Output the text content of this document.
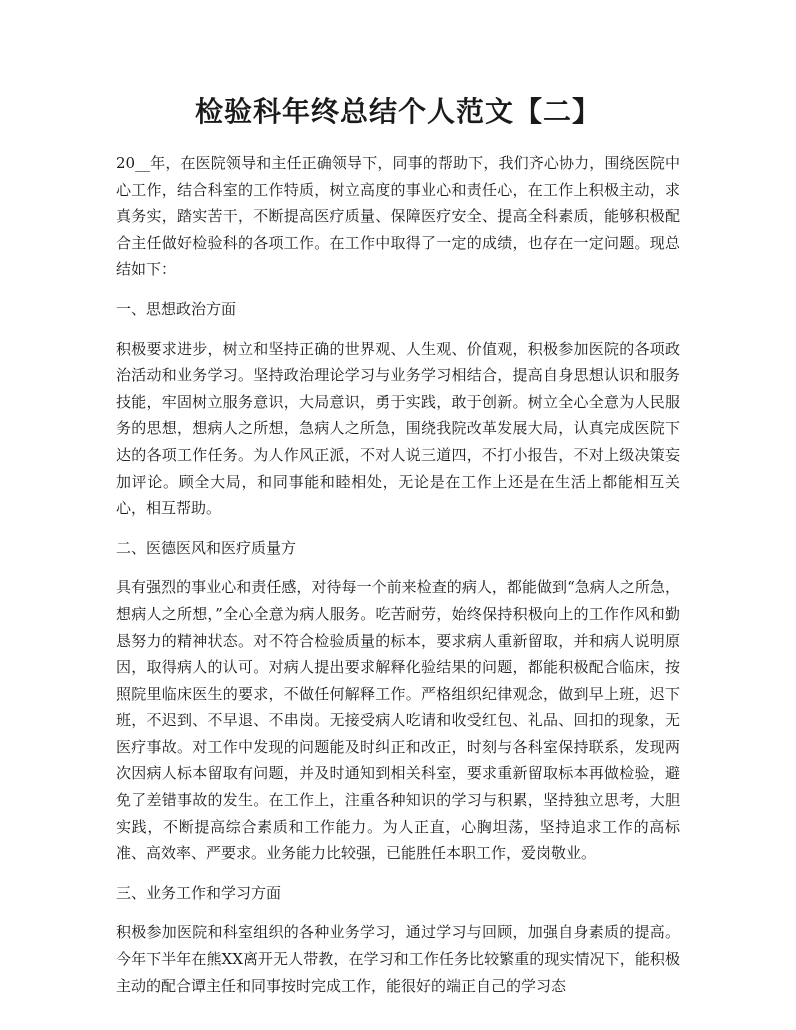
检验科年终总结个人范文【二】

20__年，在医院领导和主任正确领导下，同事的帮助下，我们齐心协力，围绕医院中心工作，结合科室的工作特质，树立高度的事业心和责任心，在工作上积极主动，求真务实，踏实苦干，不断提高医疗质量、保障医疗安全、提高全科素质，能够积极配合主任做好检验科的各项工作。在工作中取得了一定的成绩，也存在一定问题。现总结如下：

一、思想政治方面

积极要求进步，树立和坚持正确的世界观、人生观、价值观，积极参加医院的各项政治活动和业务学习。坚持政治理论学习与业务学习相结合，提高自身思想认识和服务技能，牢固树立服务意识，大局意识，勇于实践，敢于创新。树立全心全意为人民服务的思想，想病人之所想，急病人之所急，围绕我院改革发展大局，认真完成医院下达的各项工作任务。为人作风正派，不对人说三道四，不打小报告，不对上级决策妄加评论。顾全大局，和同事能和睦相处，无论是在工作上还是在生活上都能相互关心，相互帮助。

二、医德医风和医疗质量方

具有强烈的事业心和责任感，对待每一个前来检查的病人，都能做到“急病人之所急，想病人之所想，”全心全意为病人服务。吃苦耐劳，始终保持积极向上的工作作风和勤恳努力的精神状态。对不符合检验质量的标本，要求病人重新留取，并和病人说明原因，取得病人的认可。对病人提出要求解释化验结果的问题，都能积极配合临床，按照院里临床医生的要求，不做任何解释工作。严格组织纪律观念，做到早上班，迟下班，不迟到、不早退、不串岗。无接受病人吃请和收受红包、礼品、回扣的现象，无医疗事故。对工作中发现的问题能及时纠正和改正，时刻与各科室保持联系，发现两次因病人标本留取有问题，并及时通知到相关科室，要求重新留取标本再做检验，避免了差错事故的发生。在工作上，注重各种知识的学习与积累，坚持独立思考，大胆实践，不断提高综合素质和工作能力。为人正直，心胸坦荡，坚持追求工作的高标准、高效率、严要求。业务能力比较强，已能胜任本职工作，爱岗敬业。

三、业务工作和学习方面

积极参加医院和科室组织的各种业务学习，通过学习与回顾，加强自身素质的提高。今年下半年在熊XX离开无人带教，在学习和工作任务比较繁重的现实情况下，能积极主动的配合谭主任和同事按时完成工作，能很好的端正自己的学习态
